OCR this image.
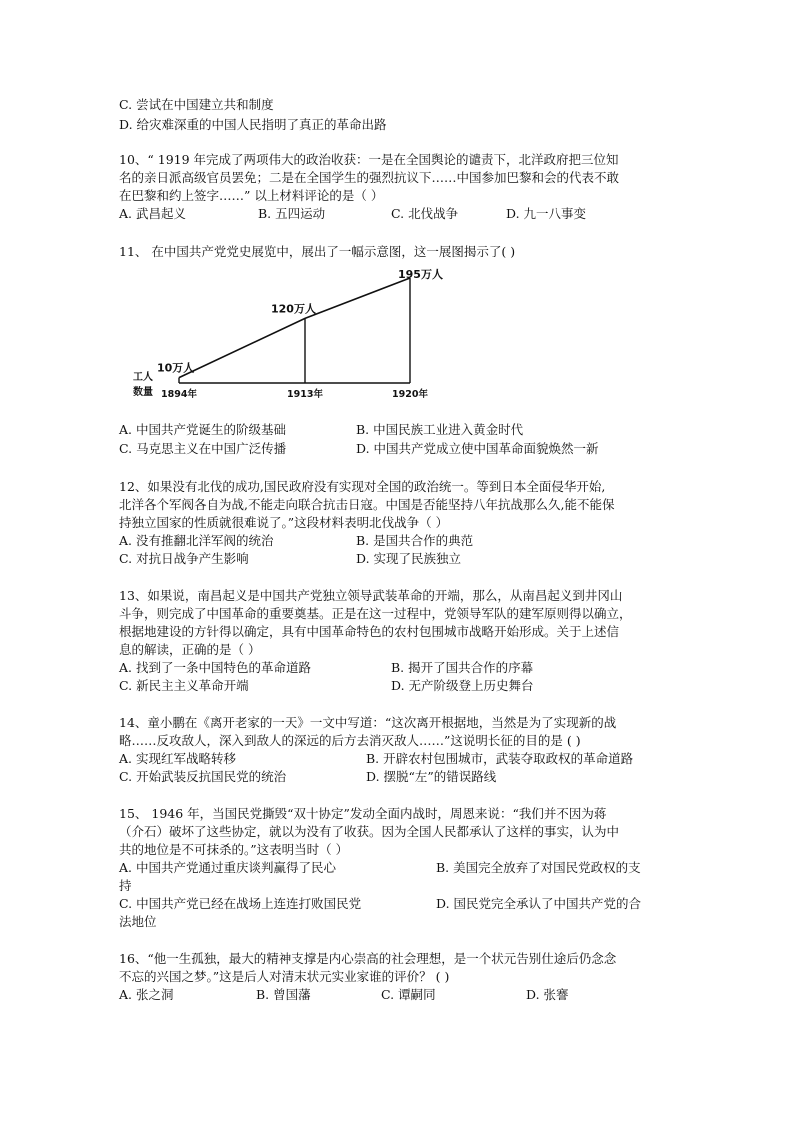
C. 尝试在中国建立共和制度
D. 给灾难深重的中国人民指明了真正的革命出路
10、“ 1919 年完成了两项伟大的政治收获：一是在全国舆论的谴责下，北洋政府把三位知
名的亲日派高级官员罢免；二是在全国学生的强烈抗议下……中国参加巴黎和会的代表不敢
在巴黎和约上签字……” 以上材料评论的是（ ）
A. 武昌起义	B. 五四运动	C. 北伐战争	D. 九一八事变
11、 在中国共产党党史展览中，展出了一幅示意图，这一展图揭示了( )
10万人
120万人
195万人
1894年	1913年	1920年
工人
数量
A. 中国共产党诞生的阶级基础	B. 中国民族工业进入黄金时代
C. 马克思主义在中国广泛传播	D. 中国共产党成立使中国革命面貌焕然一新
12、如果没有北伐的成功,国民政府没有实现对全国的政治统一。等到日本全面侵华开始,
北洋各个军阀各自为战,不能走向联合抗击日寇。中国是否能坚持八年抗战那么久,能不能保
持独立国家的性质就很难说了。”这段材料表明北伐战争（ ）
A. 没有推翻北洋军阀的统治	B. 是国共合作的典范
C. 对抗日战争产生影响	D. 实现了民族独立
13、如果说，南昌起义是中国共产党独立领导武装革命的开端，那么，从南昌起义到井冈山
斗争，则完成了中国革命的重要奠基。正是在这一过程中，党领导军队的建军原则得以确立，
根据地建设的方针得以确定，具有中国革命特色的农村包围城市战略开始形成。关于上述信
息的解读，正确的是（ ）
A. 找到了一条中国特色的革命道路	B. 揭开了国共合作的序幕
C. 新民主主义革命开端	D. 无产阶级登上历史舞台
14、童小鹏在《离开老家的一天》一文中写道：“这次离开根据地，当然是为了实现新的战
略……反攻敌人，深入到敌人的深远的后方去消灭敌人……”这说明长征的目的是 ( )
A. 实现红军战略转移	B. 开辟农村包围城市，武装夺取政权的革命道路
C. 开始武装反抗国民党的统治	D. 摆脱“左”的错误路线
15、 1946 年，当国民党撕毁“双十协定”发动全面内战时，周恩来说：“我们并不因为蒋
（介石）破坏了这些协定，就以为没有了收获。因为全国人民都承认了这样的事实，认为中
共的地位是不可抹杀的。”这表明当时（ ）
A. 中国共产党通过重庆谈判赢得了民心	B. 美国完全放弃了对国民党政权的支
持
C. 中国共产党已经在战场上连连打败国民党	D. 国民党完全承认了中国共产党的合
法地位
16、“他一生孤独，最大的精神支撑是内心崇高的社会理想，是一个状元告别仕途后仍念念
不忘的兴国之梦。”这是后人对清末状元实业家谁的评价？ ( )
A. 张之洞	B. 曾国藩	C. 谭嗣同	D. 张謇
